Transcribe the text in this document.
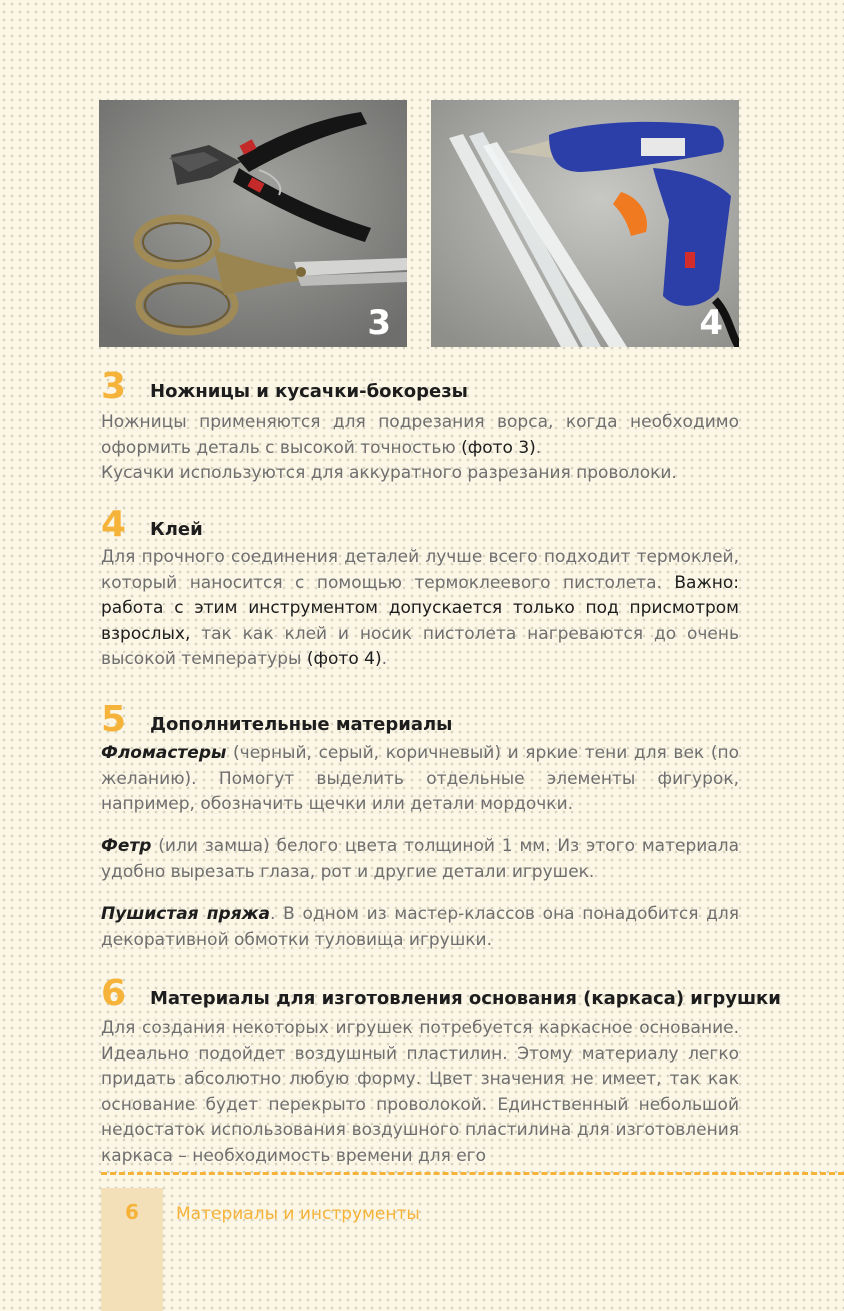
3	4
3 Ножницы и кусачки-бокорезы

Ножницы применяются для подрезания ворса, когда необходимо оформить деталь с высокой точностью (фото 3).

Кусачки используются для аккуратного разрезания проволоки.

4 Клей

Для прочного соединения деталей лучше всего подходит термоклей, который наносится с помощью термоклеевого пистолета. Важно: работа с этим инструментом допускается только под присмотром взрослых, так как клей и носик пистолета нагреваются до очень высокой температуры (фото 4).

5 Дополнительные материалы

Фломастеры (черный, серый, коричневый) и яркие тени для век (по желанию). Помогут выделить отдельные элементы фигурок, например, обозначить щечки или детали мордочки.

Фетр (или замша) белого цвета толщиной 1 мм. Из этого материала удобно вырезать глаза, рот и другие детали игрушек.

Пушистая пряжа. В одном из мастер-классов она понадобится для декоративной обмотки туловища игрушки.

6 Материалы для изготовления основания (каркаса) игрушки

Для создания некоторых игрушек потребуется каркасное основание. Идеально подойдет воздушный пластилин. Этому материалу легко придать абсолютно любую форму. Цвет значения не имеет, так как основание будет перекрыто проволокой. Единственный небольшой недостаток использования воздушного пластилина для изготовления каркаса – необходимость времени для его

6	Материалы и инструменты
